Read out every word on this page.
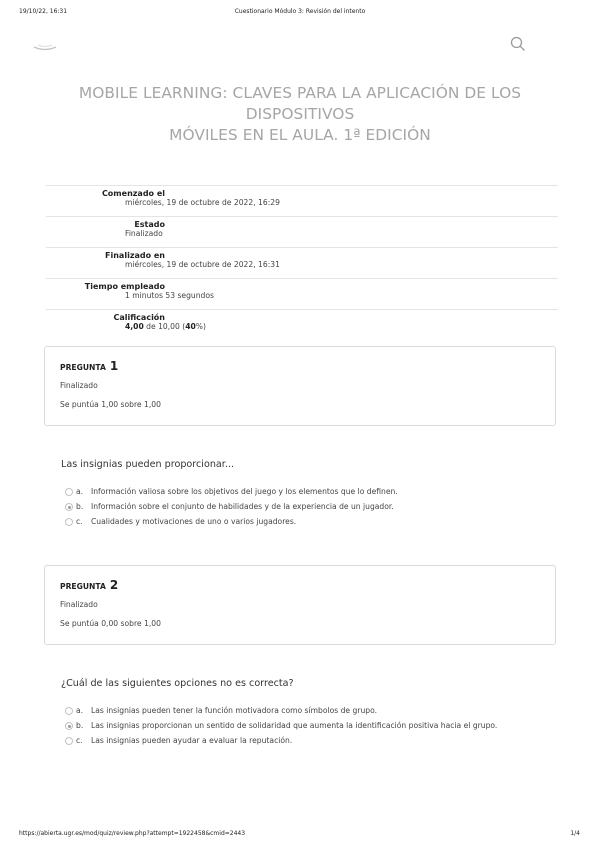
19/10/22, 16:31	Cuestionario Módulo 3: Revisión del intento
MOBILE LEARNING: CLAVES PARA LA APLICACIÓN DE LOS DISPOSITIVOS
MÓVILES EN EL AULA. 1ª EDICIÓN
Comenzado el
miércoles, 19 de octubre de 2022, 16:29
Estado
Finalizado
Finalizado en
miércoles, 19 de octubre de 2022, 16:31
Tiempo empleado
1 minutos 53 segundos
Calificación
4,00 de 10,00 (40%)
PREGUNTA 1
Finalizado
Se puntúa 1,00 sobre 1,00
Las insignias pueden proporcionar...
a. Información valiosa sobre los objetivos del juego y los elementos que lo definen.
b. Información sobre el conjunto de habilidades y de la experiencia de un jugador.
c. Cualidades y motivaciones de uno o varios jugadores.
PREGUNTA 2
Finalizado
Se puntúa 0,00 sobre 1,00
¿Cuál de las siguientes opciones no es correcta?
a. Las insignias pueden tener la función motivadora como símbolos de grupo.
b. Las insignias proporcionan un sentido de solidaridad que aumenta la identificación positiva hacia el grupo.
c. Las insignias pueden ayudar a evaluar la reputación.
https://abierta.ugr.es/mod/quiz/review.php?attempt=1922458&cmid=2443	1/4
